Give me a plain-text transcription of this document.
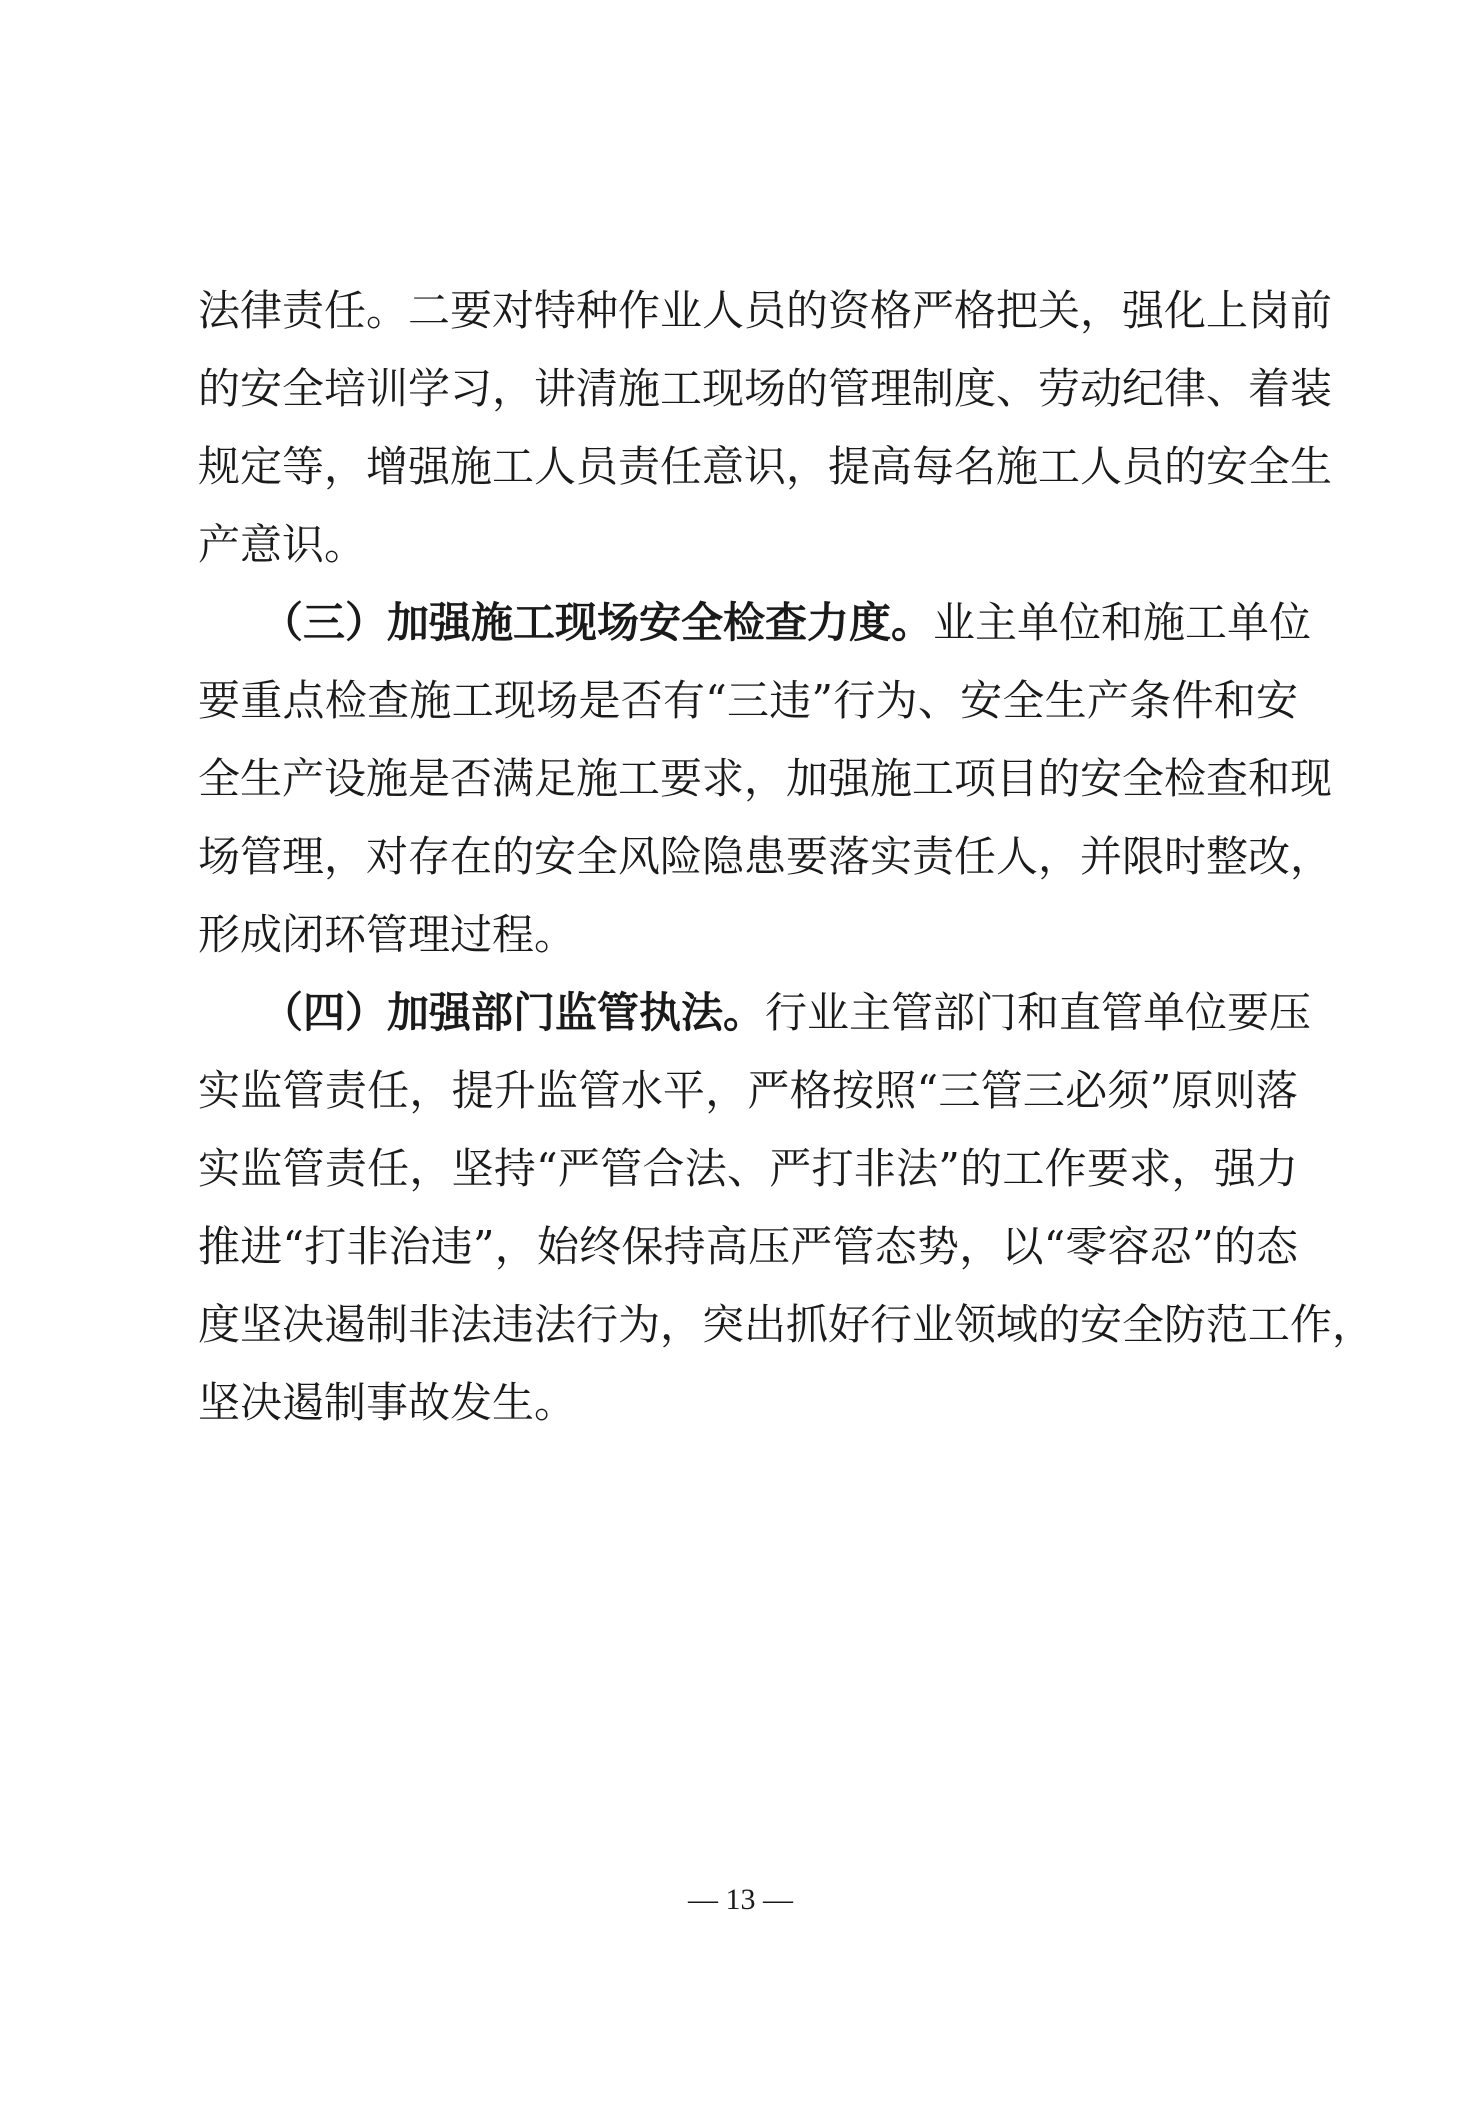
法律责任。二要对特种作业人员的资格严格把关，强化上岗前
的安全培训学习，讲清施工现场的管理制度、劳动纪律、着装
规定等，增强施工人员责任意识，提高每名施工人员的安全生
产意识。
　　（三）加强施工现场安全检查力度。业主单位和施工单位
要重点检查施工现场是否有“三违”行为、安全生产条件和安
全生产设施是否满足施工要求，加强施工项目的安全检查和现
场管理，对存在的安全风险隐患要落实责任人，并限时整改，
形成闭环管理过程。
　　（四）加强部门监管执法。行业主管部门和直管单位要压
实监管责任，提升监管水平，严格按照“三管三必须”原则落
实监管责任，坚持“严管合法、严打非法”的工作要求，强力
推进“打非治违”，始终保持高压严管态势，以“零容忍”的态
度坚决遏制非法违法行为，突出抓好行业领域的安全防范工作，
坚决遏制事故发生。
— 13 —
